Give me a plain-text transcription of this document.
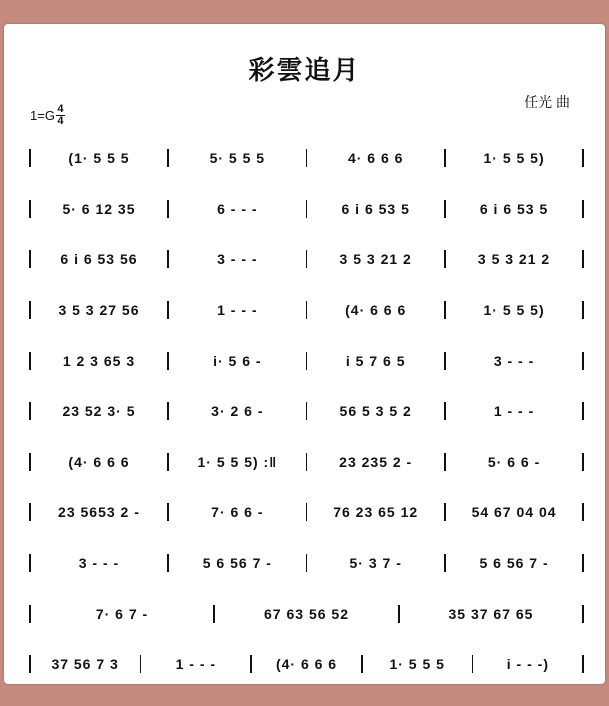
彩雲追月
$1=G \frac{4}{4}$
任光 曲
(1· 5 5 5	5· 5 5 5	4· 6 6 6	1· 5 5 5)
5· 6 12 35	6 - - -	6 i 6 53 5	6 i 6 53 5
6 i 6 53 56	3 - - -	3 5 3 21 2	3 5 3 21 2
3 5 3 27 56	1 - - -	(4· 6 6 6	1· 5 5 5)
1 2 3 65 3	i· 5 6 -	i 5 7 6 5	3 - - -
23 52 3· 5	3· 2 6 -	56 5 3 5 2	1 - - -
(4· 6 6 6	1· 5 5 5) :‖	23 235 2 -	5· 6 6 -
23 5653 2 -	7· 6 6 -	76 23 65 12	54 67 04 04
3 - - -	5 6 56 7 -	5· 3 7 -	5 6 56 7 -
7· 6 7 -	67 63 56 52	35 37 67 65
37 56 7 3	1 - - -	(4· 6 6 6	1· 5 5 5	i - - -)
